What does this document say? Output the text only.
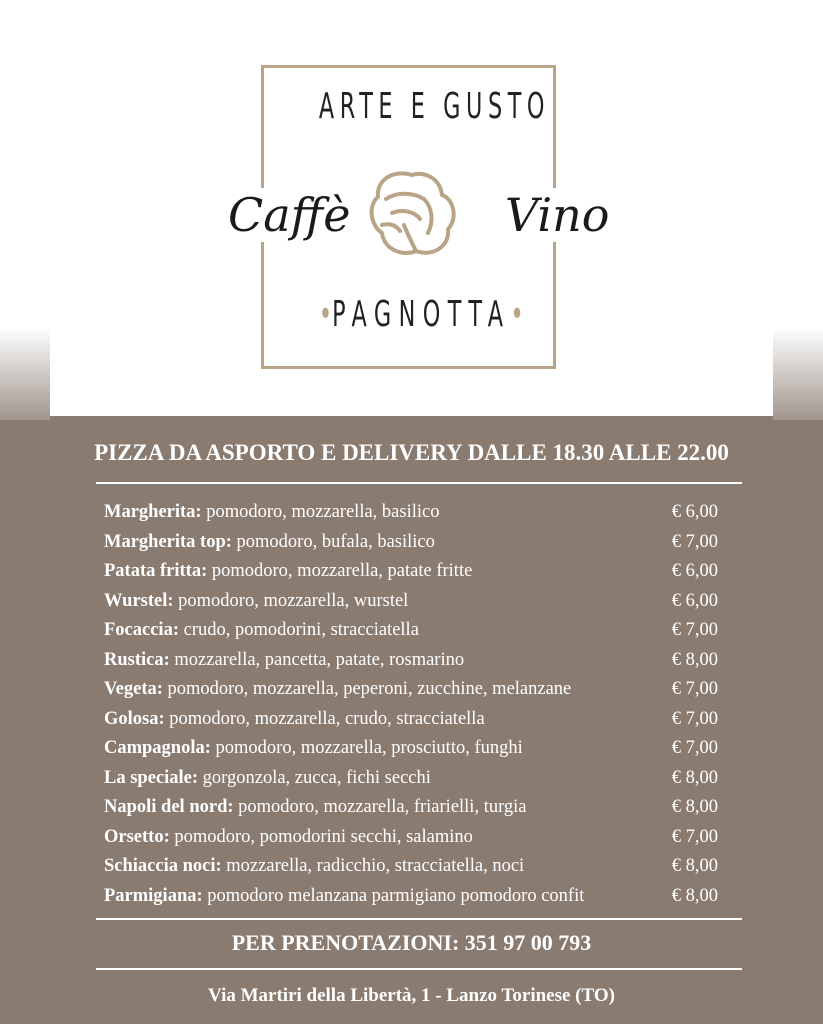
ARTE E GUSTO
Caffè	Vino
•PAGNOTTA•
PIZZA DA ASPORTO E DELIVERY DALLE 18.30 ALLE 22.00
Margherita: pomodoro, mozzarella, basilico	€ 6,00
Margherita top: pomodoro, bufala, basilico	€ 7,00
Patata fritta: pomodoro, mozzarella, patate fritte	€ 6,00
Wurstel: pomodoro, mozzarella, wurstel	€ 6,00
Focaccia: crudo, pomodorini, stracciatella	€ 7,00
Rustica: mozzarella, pancetta, patate, rosmarino	€ 8,00
Vegeta: pomodoro, mozzarella, peperoni, zucchine, melanzane	€ 7,00
Golosa: pomodoro, mozzarella, crudo, stracciatella	€ 7,00
Campagnola: pomodoro, mozzarella, prosciutto, funghi	€ 7,00
La speciale: gorgonzola, zucca, fichi secchi	€ 8,00
Napoli del nord: pomodoro, mozzarella, friarielli, turgia	€ 8,00
Orsetto: pomodoro, pomodorini secchi, salamino	€ 7,00
Schiaccia noci: mozzarella, radicchio, stracciatella, noci	€ 8,00
Parmigiana: pomodoro melanzana parmigiano pomodoro confit	€ 8,00
PER PRENOTAZIONI: 351 97 00 793
Via Martiri della Libertà, 1 - Lanzo Torinese (TO)
